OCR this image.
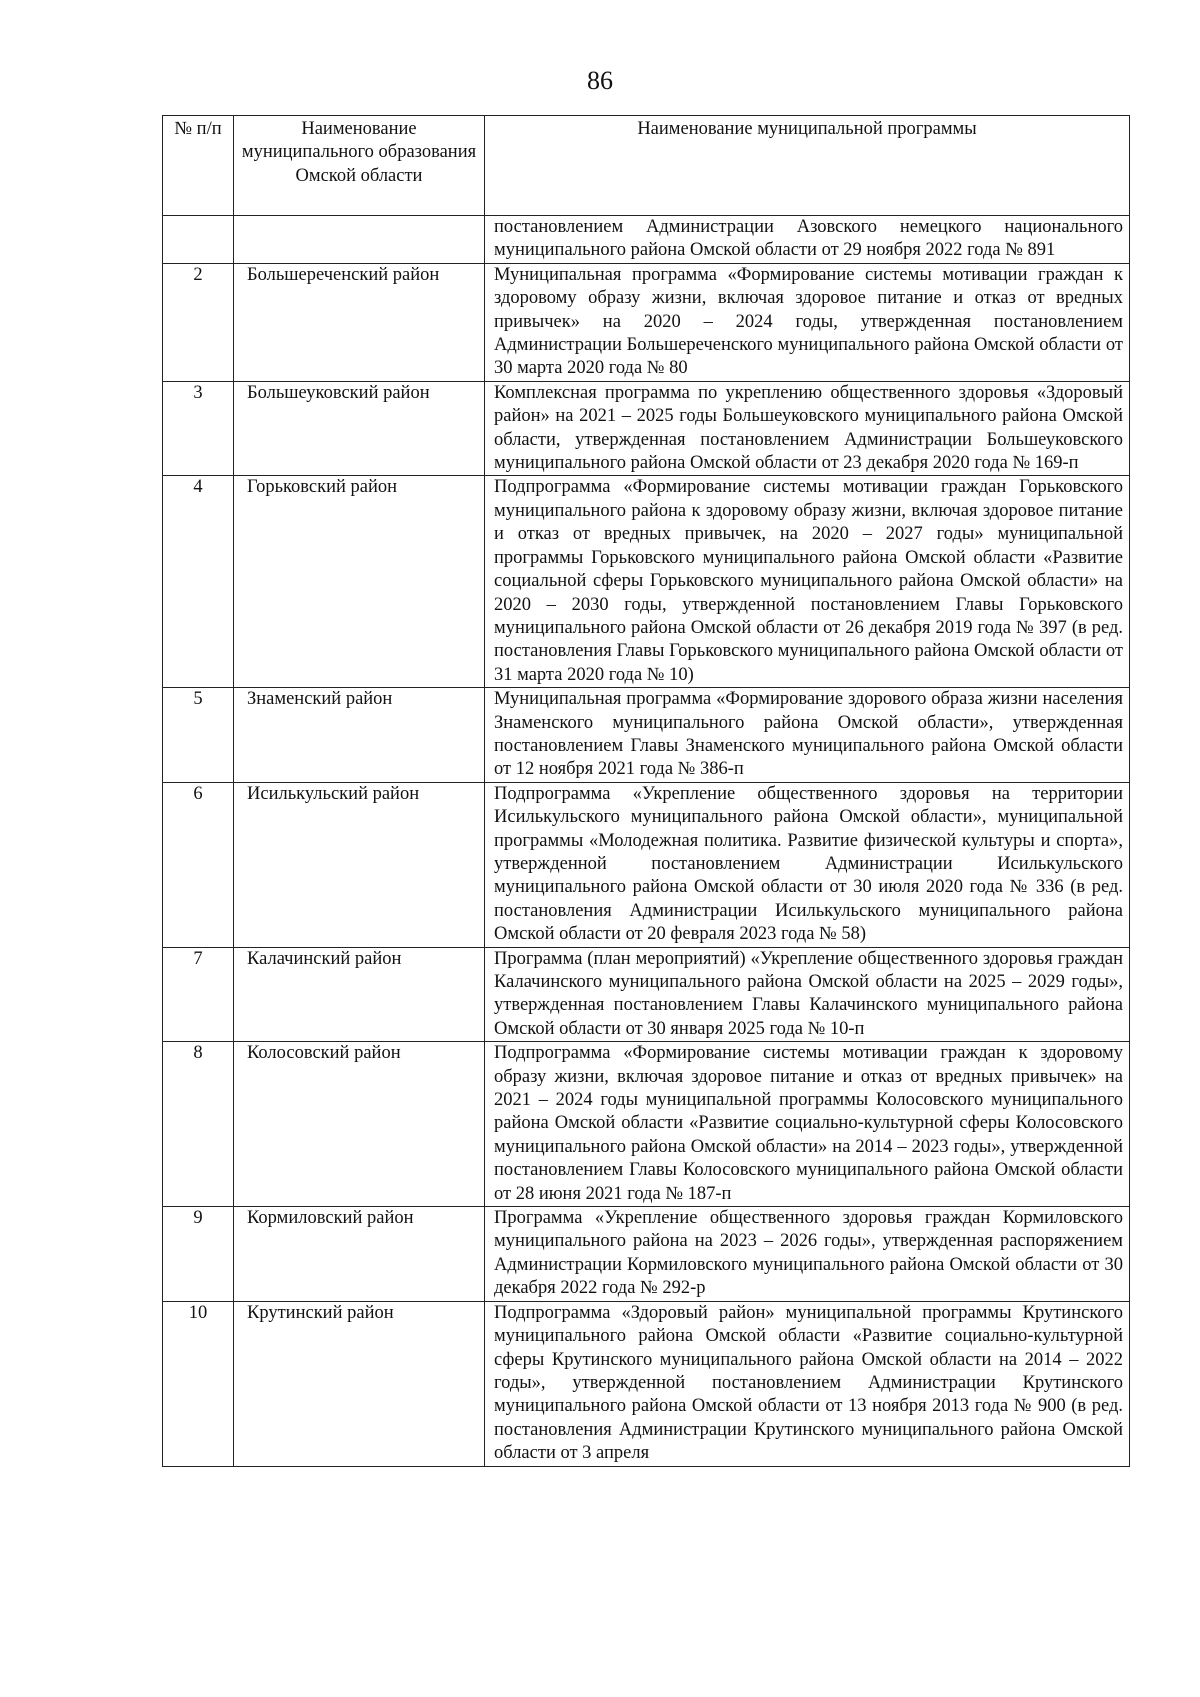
86
№ п/п	Наименование муниципального образования Омской области	Наименование муниципальной программы
		постановлением Администрации Азовского немецкого национального муниципального района Омской области от 29 ноября 2022 года № 891
2	Большереченский район	Муниципальная программа «Формирование системы мотивации граждан к здоровому образу жизни, включая здоровое питание и отказ от вредных привычек» на 2020 – 2024 годы, утвержденная постановлением Администрации Большереченского муниципального района Омской области от 30 марта 2020 года № 80
3	Большеуковский район	Комплексная программа по укреплению общественного здоровья «Здоровый район» на 2021 – 2025 годы Большеуковского муниципального района Омской области, утвержденная постановлением Администрации Большеуковского муниципального района Омской области от 23 декабря 2020 года № 169-п
4	Горьковский район	Подпрограмма «Формирование системы мотивации граждан Горьковского муниципального района к здоровому образу жизни, включая здоровое питание и отказ от вредных привычек, на 2020 – 2027 годы» муниципальной программы Горьковского муниципального района Омской области «Развитие социальной сферы Горьковского муниципального района Омской области» на 2020 – 2030 годы, утвержденной постановлением Главы Горьковского муниципального района Омской области от 26 декабря 2019 года № 397 (в ред. постановления Главы Горьковского муниципального района Омской области от 31 марта 2020 года № 10)
5	Знаменский район	Муниципальная программа «Формирование здорового образа жизни населения Знаменского муниципального района Омской области», утвержденная постановлением Главы Знаменского муниципального района Омской области от 12 ноября 2021 года № 386-п
6	Исилькульский район	Подпрограмма «Укрепление общественного здоровья на территории Исилькульского муниципального района Омской области», муниципальной программы «Молодежная политика. Развитие физической культуры и спорта», утвержденной постановлением Администрации Исилькульского муниципального района Омской области от 30 июля 2020 года № 336 (в ред. постановления Администрации Исилькульского муниципального района Омской области от 20 февраля 2023 года № 58)
7	Калачинский район	Программа (план мероприятий) «Укрепление общественного здоровья граждан Калачинского муниципального района Омской области на 2025 – 2029 годы», утвержденная постановлением Главы Калачинского муниципального района Омской области от 30 января 2025 года № 10-п
8	Колосовский район	Подпрограмма «Формирование системы мотивации граждан к здоровому образу жизни, включая здоровое питание и отказ от вредных привычек» на 2021 – 2024 годы муниципальной программы Колосовского муниципального района Омской области «Развитие социально-культурной сферы Колосовского муниципального района Омской области» на 2014 – 2023 годы», утвержденной постановлением Главы Колосовского муниципального района Омской области от 28 июня 2021 года № 187-п
9	Кормиловский район	Программа «Укрепление общественного здоровья граждан Кормиловского муниципального района на 2023 – 2026 годы», утвержденная распоряжением Администрации Кормиловского муниципального района Омской области от 30 декабря 2022 года № 292-р
10	Крутинский район	Подпрограмма «Здоровый район» муниципальной программы Крутинского муниципального района Омской области «Развитие социально-культурной сферы Крутинского муниципального района Омской области на 2014 – 2022 годы», утвержденной постановлением Администрации Крутинского муниципального района Омской области от 13 ноября 2013 года № 900 (в ред. постановления Администрации Крутинского муниципального района Омской области от 3 апреля
